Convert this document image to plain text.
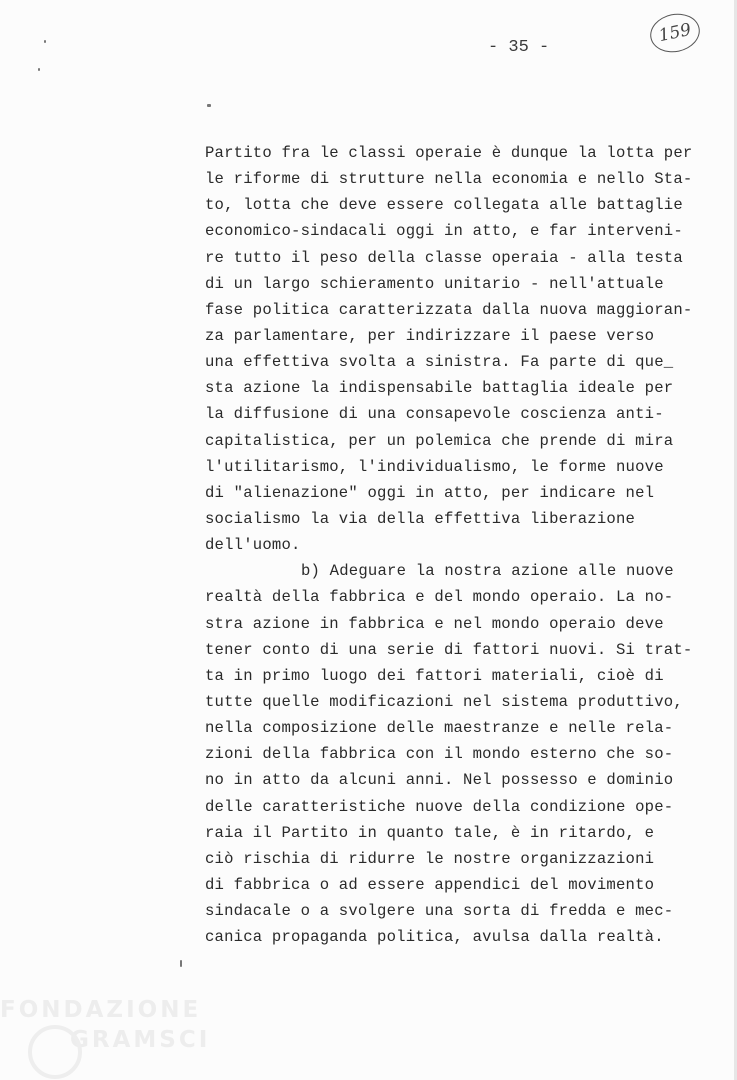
- 35 -
159
Partito fra le classi operaie è dunque la lotta per
le riforme di strutture nella economia e nello Sta-
to, lotta che deve essere collegata alle battaglie
economico-sindacali oggi in atto, e far interveni-
re tutto il peso della classe operaia - alla testa
di un largo schieramento unitario - nell'attuale
fase politica caratterizzata dalla nuova maggioran-
za parlamentare, per indirizzare il paese verso
una effettiva svolta a sinistra. Fa parte di que_
sta azione la indispensabile battaglia ideale per
la diffusione di una consapevole coscienza anti-
capitalistica, per un polemica che prende di mira
l'utilitarismo, l'individualismo, le forme nuove
di "alienazione" oggi in atto, per indicare nel
socialismo la via della effettiva liberazione
dell'uomo.
b) Adeguare la nostra azione alle nuove
realtà della fabbrica e del mondo operaio. La no-
stra azione in fabbrica e nel mondo operaio deve
tener conto di una serie di fattori nuovi. Si trat-
ta in primo luogo dei fattori materiali, cioè di
tutte quelle modificazioni nel sistema produttivo,
nella composizione delle maestranze e nelle rela-
zioni della fabbrica con il mondo esterno che so-
no in atto da alcuni anni. Nel possesso e dominio
delle caratteristiche nuove della condizione ope-
raia il Partito in quanto tale, è in ritardo, e
ciò rischia di ridurre le nostre organizzazioni
di fabbrica o ad essere appendici del movimento
sindacale o a svolgere una sorta di fredda e mec-
canica propaganda politica, avulsa dalla realtà.
FONDAZIONE
GRAMSCI
